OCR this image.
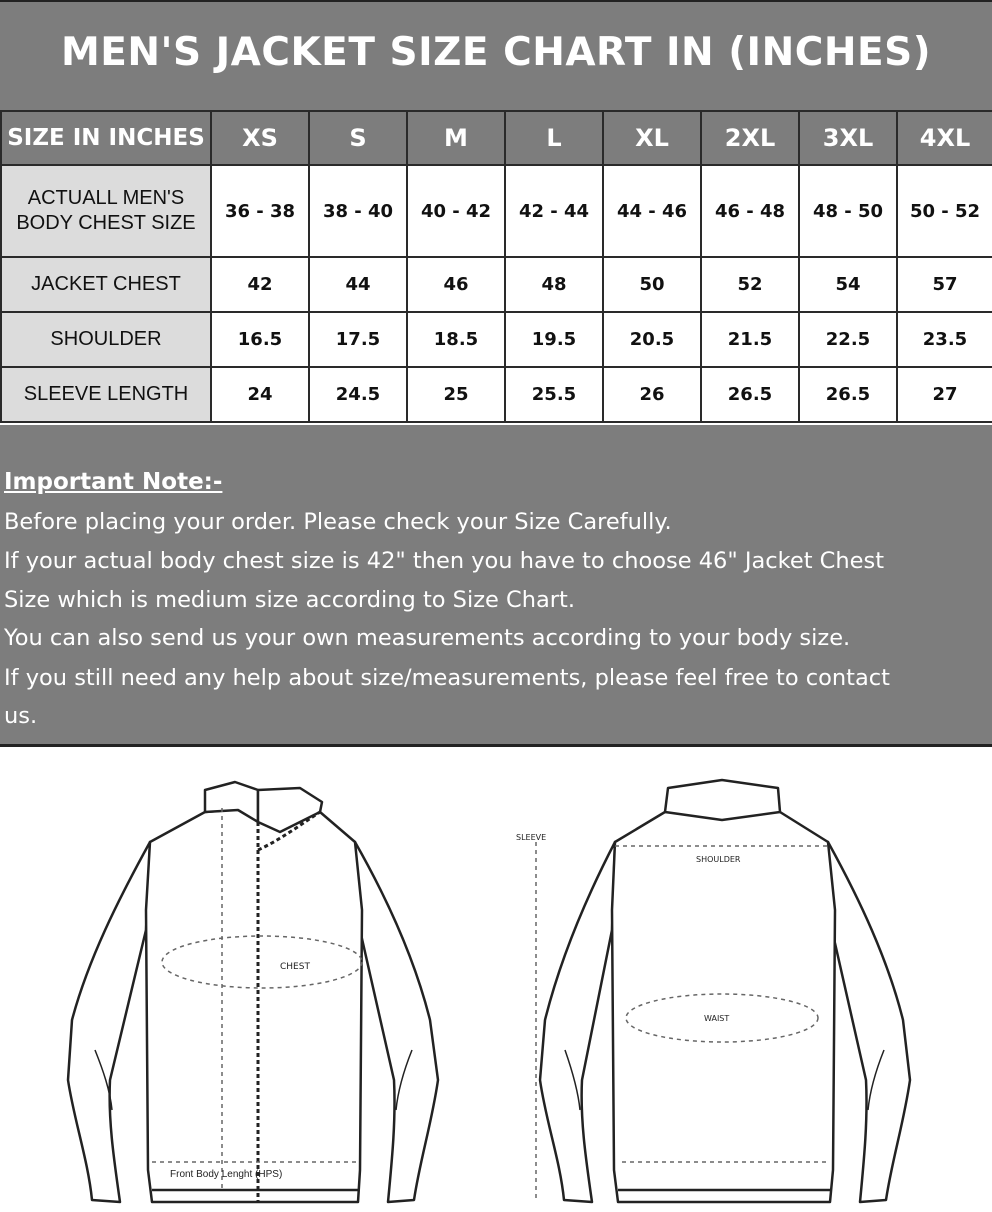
MEN'S JACKET SIZE CHART IN (INCHES)
SIZE IN INCHES	XS	S	M	L	XL	2XL	3XL	4XL

ACTUALL MEN'S
BODY CHEST SIZE	36 - 38	38 - 40	40 - 42	42 - 44	44 - 46	46 - 48	48 - 50	50 - 52
JACKET CHEST	42	44	46	48	50	52	54	57
SHOULDER	16.5	17.5	18.5	19.5	20.5	21.5	22.5	23.5
SLEEVE LENGTH	24	24.5	25	25.5	26	26.5	26.5	27
Important Note:-
Before placing your order. Please check your Size Carefully.
If your actual body chest size is 42" then you have to choose 46" Jacket Chest
Size which is medium size according to Size Chart.
You can also send us your own measurements according to your body size.
If you still need any help about size/measurements, please feel free to contact
us.
CHEST
Front Body Lenght (HPS)
SHOULDER
WAIST
SLEEVE
